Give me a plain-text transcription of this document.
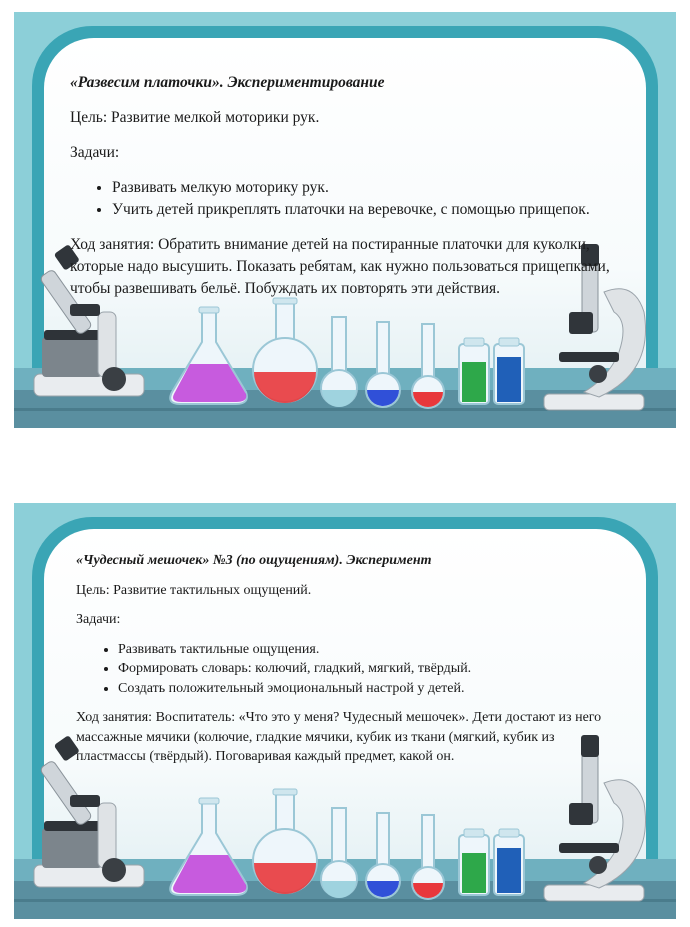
«Развесим платочки». Экспериментирование

Цель: Развитие мелкой моторики рук.

Задачи:

• Развивать мелкую моторику рук.
• Учить детей прикреплять платочки на веревочке, с помощью прищепок.

Ход занятия: Обратить внимание детей на постиранные платочки для куколки, которые надо высушить. Показать ребятам, как нужно пользоваться прищепками, чтобы развешивать бельё. Побуждать их повторять эти действия.

«Чудесный мешочек» №3 (по ощущениям). Эксперимент

Цель: Развитие тактильных ощущений.

Задачи:

• Развивать тактильные ощущения.
• Формировать словарь: колючий, гладкий, мягкий, твёрдый.
• Создать положительный эмоциональный настрой у детей.

Ход занятия: Воспитатель: «Что это у меня? Чудесный мешочек». Дети достают из него массажные мячики (колючие, гладкие мячики, кубик из ткани (мягкий, кубик из пластмассы (твёрдый). Поговаривая каждый предмет, какой он.
